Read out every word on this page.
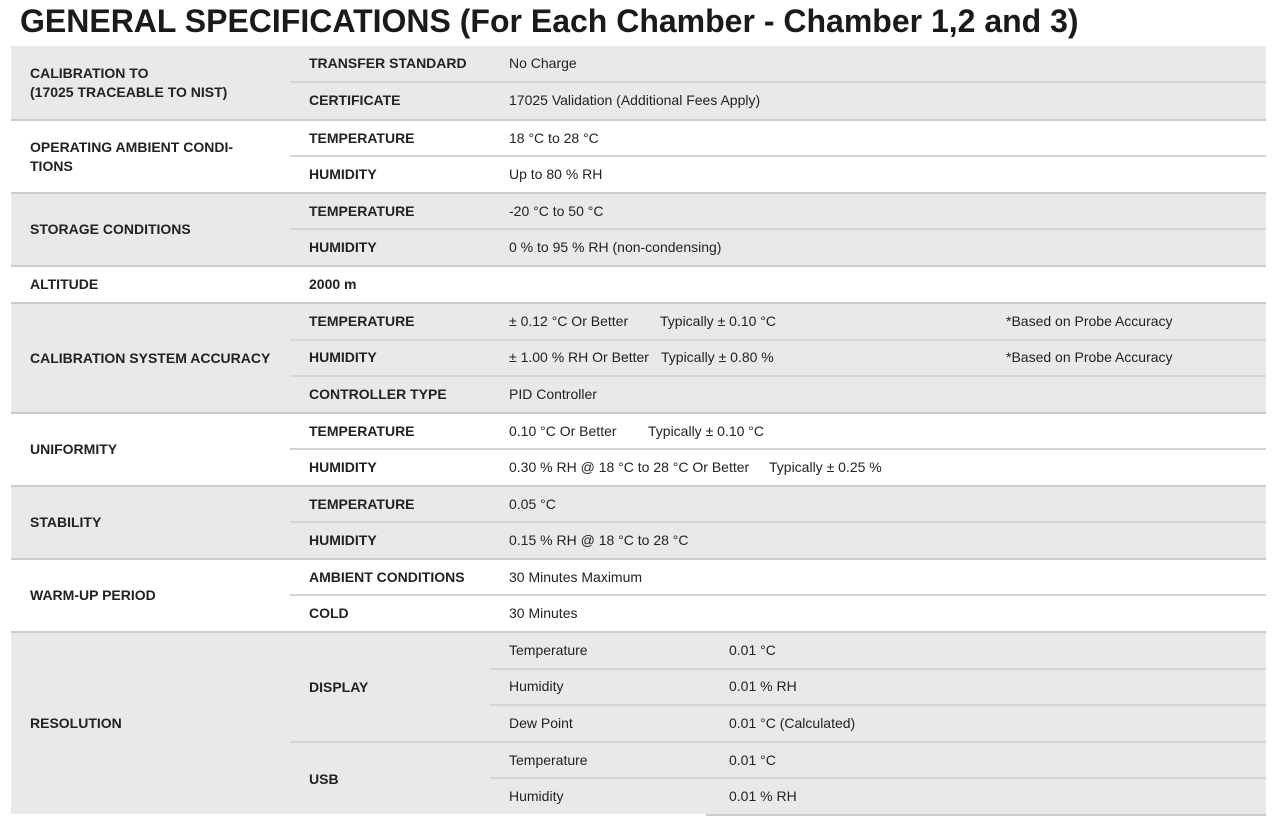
GENERAL SPECIFICATIONS (For Each Chamber - Chamber 1,2 and 3)
CALIBRATION TO
(17025 TRACEABLE TO NIST)
TRANSFER STANDARD	No Charge
CERTIFICATE	17025 Validation (Additional Fees Apply)
OPERATING AMBIENT CONDI-
TIONS
TEMPERATURE	18 °C to 28 °C
HUMIDITY	Up to 80 % RH
STORAGE CONDITIONS
TEMPERATURE	-20 °C to 50 °C
HUMIDITY	0 % to 95 % RH (non-condensing)
ALTITUDE	2000 m
CALIBRATION SYSTEM ACCURACY
TEMPERATURE	± 0.12 °C Or Better Typically ± 0.10 °C	*Based on Probe Accuracy
HUMIDITY	± 1.00 % RH Or Better Typically ± 0.80 %	*Based on Probe Accuracy
CONTROLLER TYPE	PID Controller
UNIFORMITY
TEMPERATURE	0.10 °C Or Better Typically ± 0.10 °C
HUMIDITY	0.30 % RH @ 18 °C to 28 °C Or Better Typically ± 0.25 %
STABILITY
TEMPERATURE	0.05 °C
HUMIDITY	0.15 % RH @ 18 °C to 28 °C
WARM-UP PERIOD
AMBIENT CONDITIONS	30 Minutes Maximum
COLD	30 Minutes
RESOLUTION
DISPLAY
Temperature	0.01 °C
Humidity	0.01 % RH
Dew Point	0.01 °C (Calculated)
USB
Temperature	0.01 °C
Humidity	0.01 % RH
